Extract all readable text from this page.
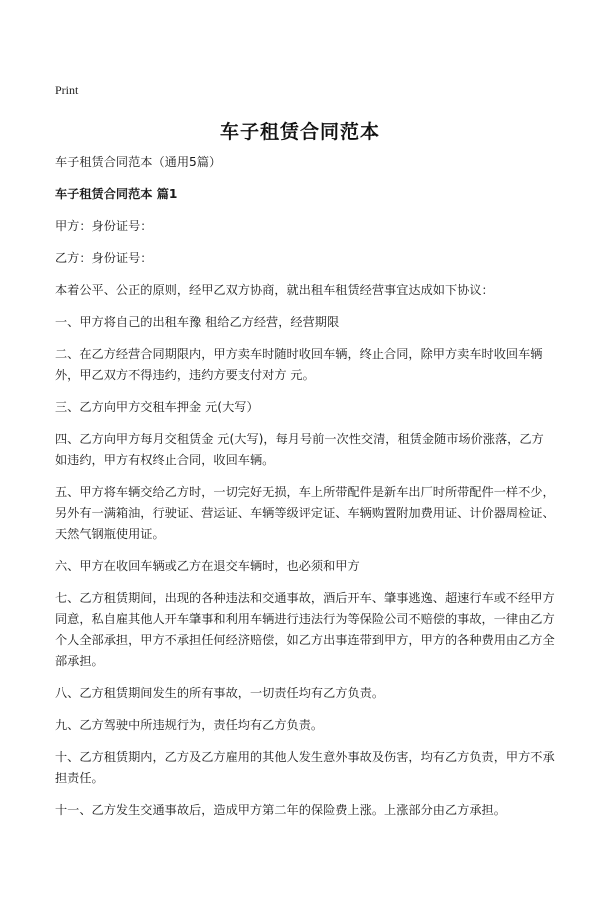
Print
车子租赁合同范本

车子租赁合同范本（通用5篇）

车子租赁合同范本 篇1

甲方：身份证号：

乙方：身份证号：

本着公平、公正的原则，经甲乙双方协商，就出租车租赁经营事宜达成如下协议：

一、甲方将自己的出租车豫 租给乙方经营，经营期限

二、在乙方经营合同期限内，甲方卖车时随时收回车辆，终止合同，除甲方卖车时收回车辆外，甲乙双方不得违约，违约方要支付对方 元。

三、乙方向甲方交租车押金 元(大写）

四、乙方向甲方每月交租赁金 元(大写)，每月号前一次性交清，租赁金随市场价涨落，乙方如违约，甲方有权终止合同，收回车辆。

五、甲方将车辆交给乙方时，一切完好无损，车上所带配件是新车出厂时所带配件一样不少，另外有一满箱油，行驶证、营运证、车辆等级评定证、车辆购置附加费用证、计价器周检证、天然气钢瓶使用证。

六、甲方在收回车辆或乙方在退交车辆时，也必须和甲方

七、乙方租赁期间，出现的各种违法和交通事故，酒后开车、肇事逃逸、超速行车或不经甲方同意，私自雇其他人开车肇事和利用车辆进行违法行为等保险公司不赔偿的事故，一律由乙方个人全部承担，甲方不承担任何经济赔偿，如乙方出事连带到甲方，甲方的各种费用由乙方全部承担。

八、乙方租赁期间发生的所有事故，一切责任均有乙方负责。

九、乙方驾驶中所违规行为，责任均有乙方负责。

十、乙方租赁期内，乙方及乙方雇用的其他人发生意外事故及伤害，均有乙方负责，甲方不承担责任。

十一、乙方发生交通事故后，造成甲方第二年的保险费上涨。上涨部分由乙方承担。
